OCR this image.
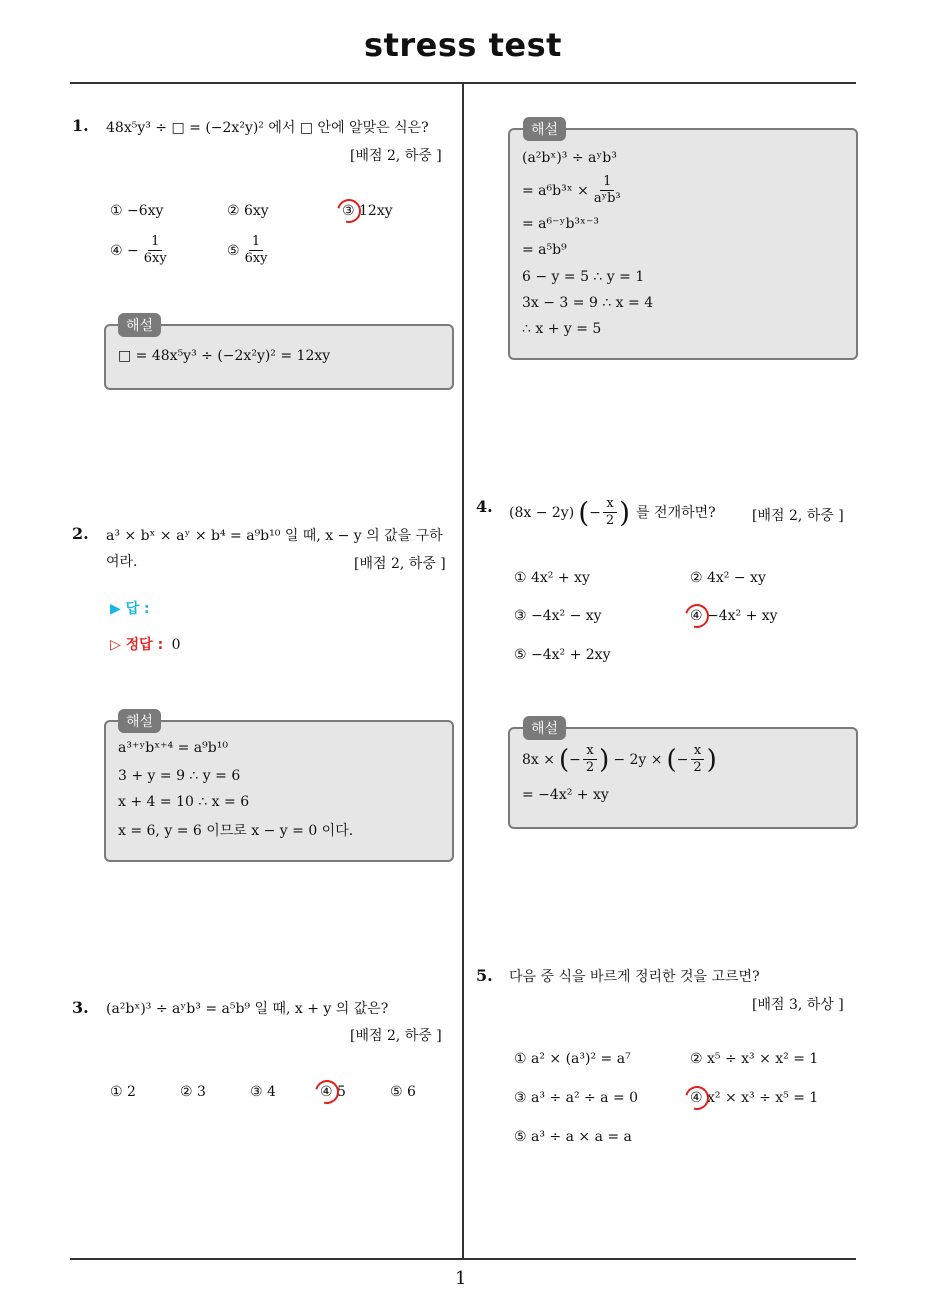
stress test
1
1. 48x⁵y³ ÷ □ = (−2x²y)² 에서 □ 안에 알맞은 식은?
[배점 2, 하중 ]
① −6xy	② 6xy	③ 12xy
④ − $\frac{1}{6xy}$	⑤ $\frac{1}{6xy}$
□ = 48x⁵y³ ÷ (−2x²y)² = 12xy
해설
2. a³ × bˣ × aʸ × b⁴ = a⁹b¹⁰ 일 때, x − y 의 값을 구하
여라.	[배점 2, 하중 ]
▶ 답 :
▷ 정답 : 0
a³⁺ʸbˣ⁺⁴ = a⁹b¹⁰
3 + y = 9 ∴ y = 6
x + 4 = 10 ∴ x = 6
x = 6, y = 6 이므로 x − y = 0 이다.
해설
3. (a²bˣ)³ ÷ aʸb³ = a⁵b⁹ 일 때, x + y 의 값은?
[배점 2, 하중 ]
① 2	② 3	③ 4	④ 5	⑤ 6
(a²bˣ)³ ÷ aʸb³
= a⁶b³ˣ × $\frac{1}{\text{aʸb³}}$
= a⁶⁻ʸb³ˣ⁻³
= a⁵b⁹
6 − y = 5 ∴ y = 1
3x − 3 = 9 ∴ x = 4
∴ x + y = 5
해설
4. (8x − 2y) ( − $\frac{x}{2}$ ) 를 전개하면?	[배점 2, 하중 ]
① 4x² + xy	② 4x² − xy
③ −4x² − xy	④ −4x² + xy
⑤ −4x² + 2xy
8x × ( − $\frac{x}{2}$ ) − 2y × ( − $\frac{x}{2}$ )
= −4x² + xy
해설
5. 다음 중 식을 바르게 정리한 것을 고르면?
[배점 3, 하상 ]
① a² × (a³)² = a⁷	② x⁵ ÷ x³ × x² = 1
③ a³ ÷ a² ÷ a = 0	④ x² × x³ ÷ x⁵ = 1
⑤ a³ ÷ a × a = a
